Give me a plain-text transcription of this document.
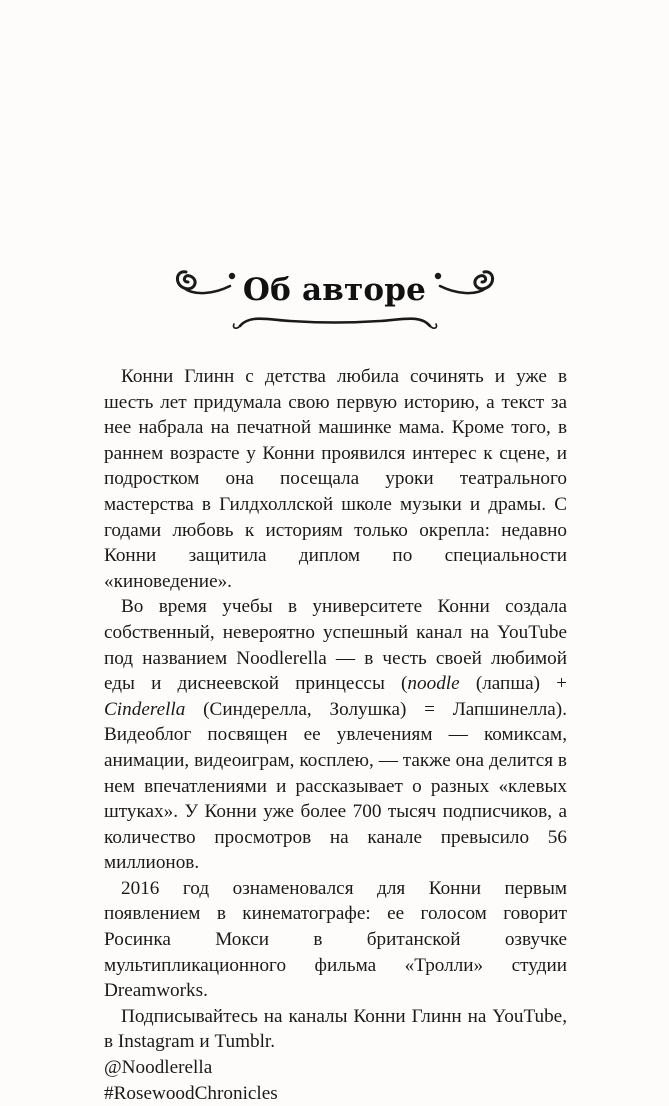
Об авторе

Конни Глинн с детства любила сочинять и уже в шесть лет придумала свою первую историю, а текст за нее набрала на печатной машинке мама. Кроме того, в раннем возрасте у Конни проявился интерес к сцене, и подростком она посещала уроки театрального мастерства в Гилдхоллской школе музыки и драмы. С годами любовь к историям только окрепла: недавно Конни защитила диплом по специальности «киноведение».

Во время учебы в университете Конни создала собственный, невероятно успешный канал на YouTube под названием Noodlerella — в честь своей любимой еды и диснеевской принцессы (noodle (лапша) + Cinderella (Синдерелла, Золушка) = Лапшинелла). Видеоблог посвящен ее увлечениям — комиксам, анимации, видеоиграм, косплею, — также она делится в нем впечатлениями и рассказывает о разных «клевых штуках». У Конни уже более 700 тысяч подписчиков, а количество просмотров на канале превысило 56 миллионов.

2016 год ознаменовался для Конни первым появлением в кинематографе: ее голосом говорит Росинка Мокси в британской озвучке мультипликационного фильма «Тролли» студии Dreamworks.

Подписывайтесь на каналы Конни Глинн на YouTube, в Instagram и Tumblr.

@Noodlerella

#RosewoodChronicles
